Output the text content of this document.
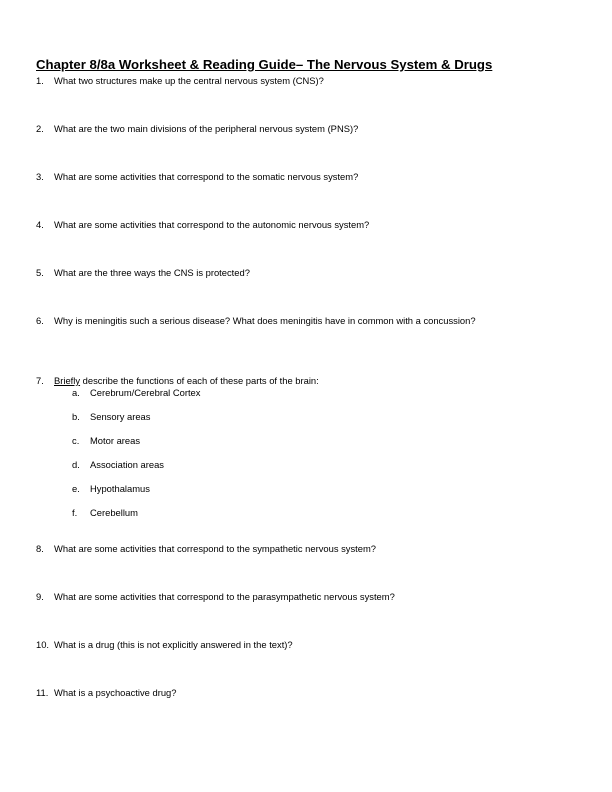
Chapter 8/8a Worksheet & Reading Guide– The Nervous System & Drugs
1. What two structures make up the central nervous system (CNS)?
2. What are the two main divisions of the peripheral nervous system (PNS)?
3. What are some activities that correspond to the somatic nervous system?
4. What are some activities that correspond to the autonomic nervous system?
5. What are the three ways the CNS is protected?
6. Why is meningitis such a serious disease? What does meningitis have in common with a concussion?
7. Briefly describe the functions of each of these parts of the brain:
a. Cerebrum/Cerebral Cortex
b. Sensory areas
c. Motor areas
d. Association areas
e. Hypothalamus
f. Cerebellum
8. What are some activities that correspond to the sympathetic nervous system?
9. What are some activities that correspond to the parasympathetic nervous system?
10. What is a drug (this is not explicitly answered in the text)?
11. What is a psychoactive drug?
